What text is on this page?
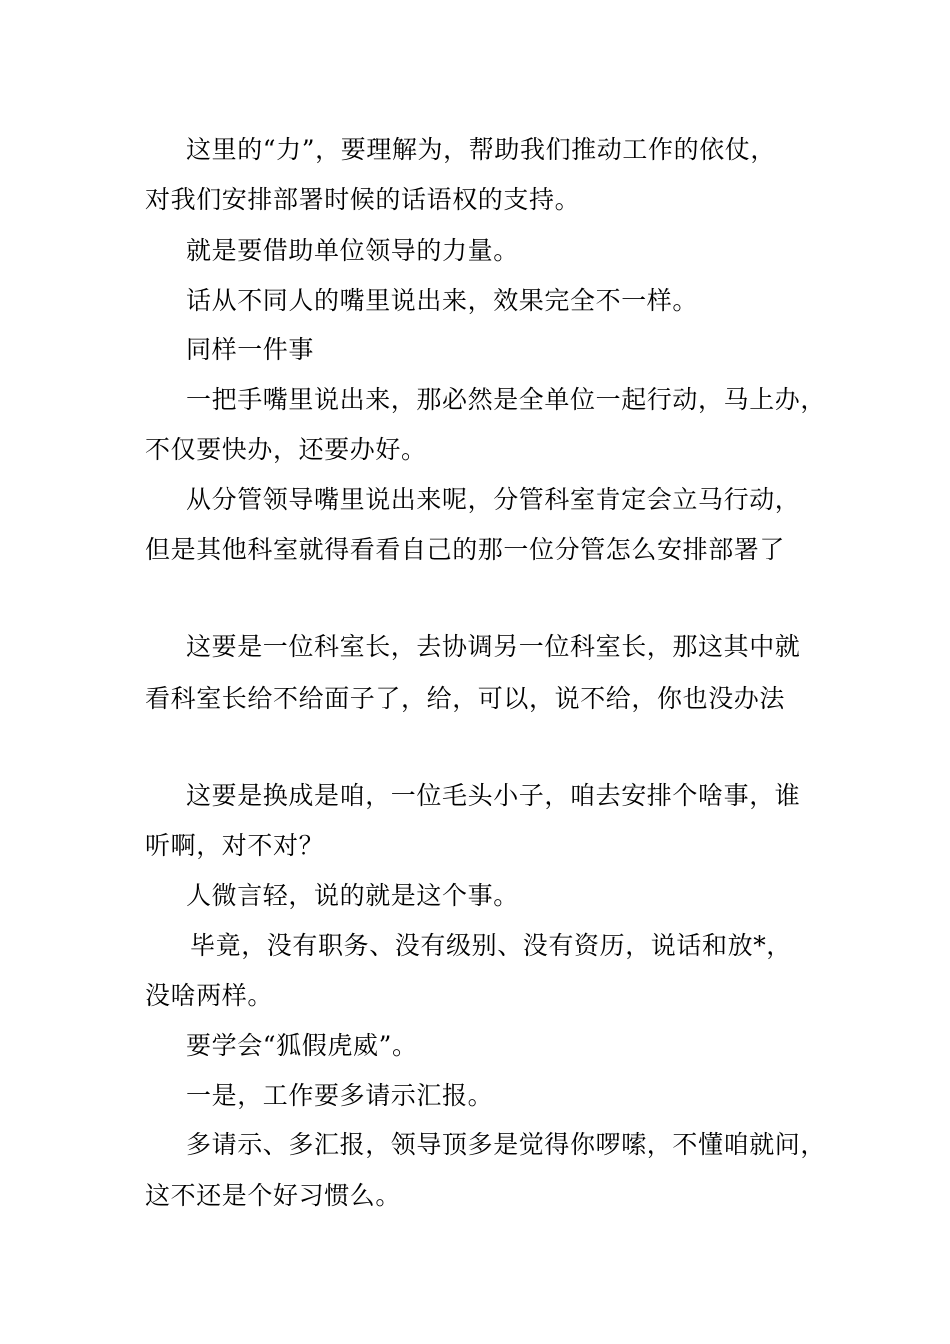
这里的“力”，要理解为，帮助我们推动工作的依仗，
对我们安排部署时候的话语权的支持。
就是要借助单位领导的力量。
话从不同人的嘴里说出来，效果完全不一样。
同样一件事
一把手嘴里说出来，那必然是全单位一起行动，马上办，
不仅要快办，还要办好。
从分管领导嘴里说出来呢，分管科室肯定会立马行动，
但是其他科室就得看看自己的那一位分管怎么安排部署了
这要是一位科室长，去协调另一位科室长，那这其中就
看科室长给不给面子了，给，可以，说不给，你也没办法
这要是换成是咱，一位毛头小子，咱去安排个啥事，谁
听啊，对不对？
人微言轻，说的就是这个事。
毕竟，没有职务、没有级别、没有资历，说话和放*，
没啥两样。
要学会“狐假虎威”。
一是，工作要多请示汇报。
多请示、多汇报，领导顶多是觉得你啰嗦，不懂咱就问，
这不还是个好习惯么。
